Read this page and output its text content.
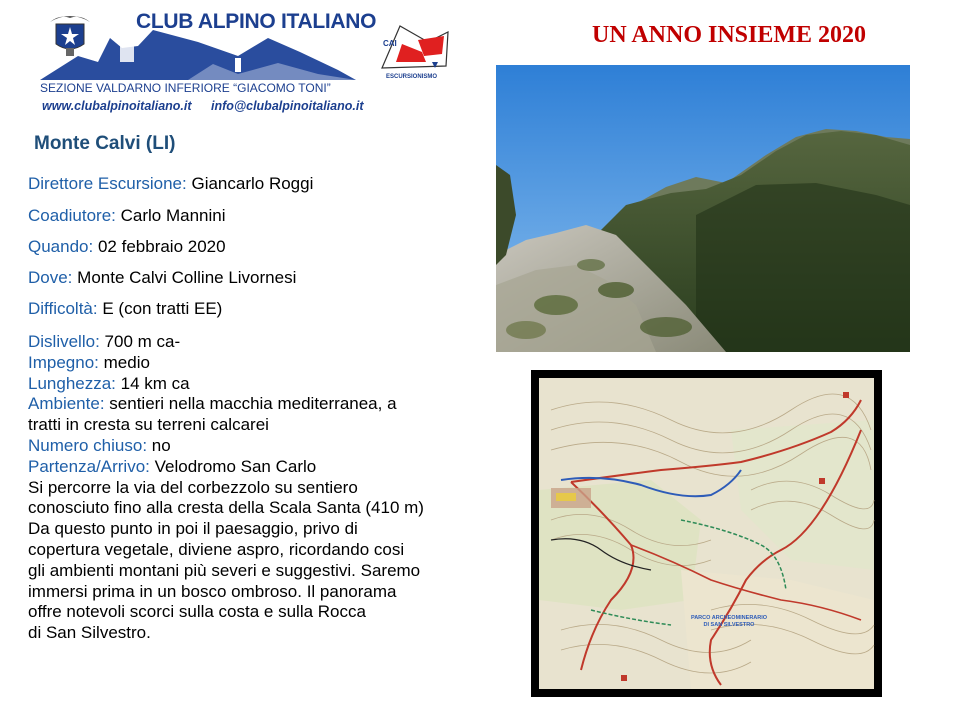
CLUB ALPINO ITALIANO
SEZIONE VALDARNO INFERIORE “GIACOMO TONI”
www.clubalpinoitaliano.it info@clubalpinoitaliano.it
CAI
ESCURSIONISMO
UN ANNO INSIEME 2020
Monte Calvi (LI)
Direttore Escursione: Giancarlo Roggi
Coadiutore: Carlo Mannini
Quando: 02 febbraio 2020
Dove: Monte Calvi Colline Livornesi
Difficoltà: E (con tratti EE)
Dislivello: 700 m ca-
Impegno: medio
Lunghezza: 14 km ca
Ambiente: sentieri nella macchia mediterranea, a
tratti in cresta su terreni calcarei
Numero chiuso: no
Partenza/Arrivo: Velodromo San Carlo
Si percorre la via del corbezzolo su sentiero
conosciuto fino alla cresta della Scala Santa (410 m)
Da questo punto in poi il paesaggio, privo di
copertura vegetale, diviene aspro, ricordando cosi
gli ambienti montani più severi e suggestivi. Saremo
immersi prima in un bosco ombroso. Il panorama
offre notevoli scorci sulla costa e sulla Rocca
di San Silvestro.
PARCO ARCHEOMINERARIO DI SAN SILVESTRO
